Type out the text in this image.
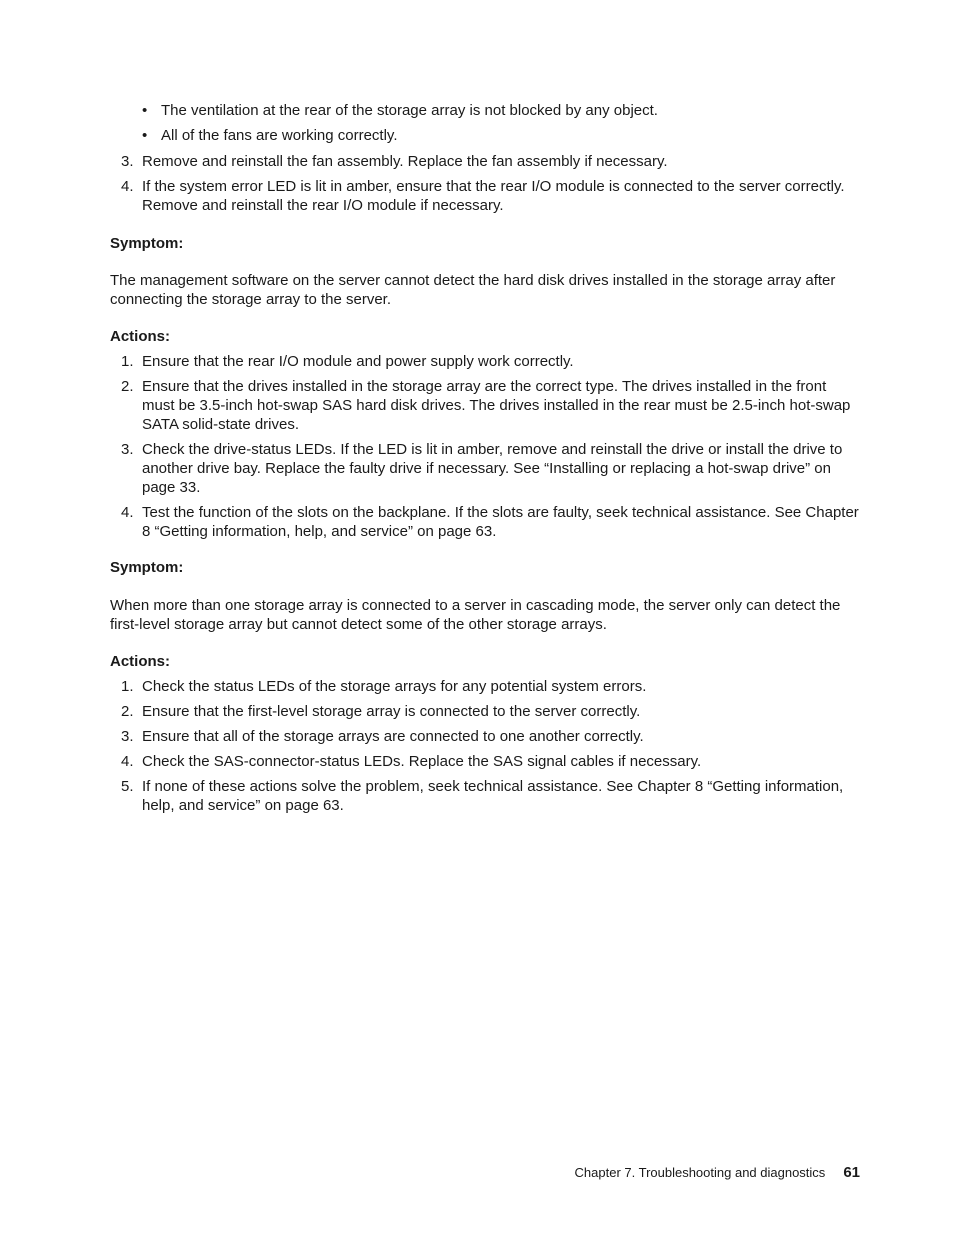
• The ventilation at the rear of the storage array is not blocked by any object.
• All of the fans are working correctly.
3. Remove and reinstall the fan assembly. Replace the fan assembly if necessary.
4. If the system error LED is lit in amber, ensure that the rear I/O module is connected to the server correctly. Remove and reinstall the rear I/O module if necessary.
Symptom:
The management software on the server cannot detect the hard disk drives installed in the storage array after connecting the storage array to the server.
Actions:
1. Ensure that the rear I/O module and power supply work correctly.
2. Ensure that the drives installed in the storage array are the correct type. The drives installed in the front must be 3.5-inch hot-swap SAS hard disk drives. The drives installed in the rear must be 2.5-inch hot-swap SATA solid-state drives.
3. Check the drive-status LEDs. If the LED is lit in amber, remove and reinstall the drive or install the drive to another drive bay. Replace the faulty drive if necessary. See “Installing or replacing a hot-swap drive” on page 33.
4. Test the function of the slots on the backplane. If the slots are faulty, seek technical assistance. See Chapter 8 “Getting information, help, and service” on page 63.
Symptom:
When more than one storage array is connected to a server in cascading mode, the server only can detect the first-level storage array but cannot detect some of the other storage arrays.
Actions:
1. Check the status LEDs of the storage arrays for any potential system errors.
2. Ensure that the first-level storage array is connected to the server correctly.
3. Ensure that all of the storage arrays are connected to one another correctly.
4. Check the SAS-connector-status LEDs. Replace the SAS signal cables if necessary.
5. If none of these actions solve the problem, seek technical assistance. See Chapter 8 “Getting information, help, and service” on page 63.
Chapter 7. Troubleshooting and diagnostics 61
